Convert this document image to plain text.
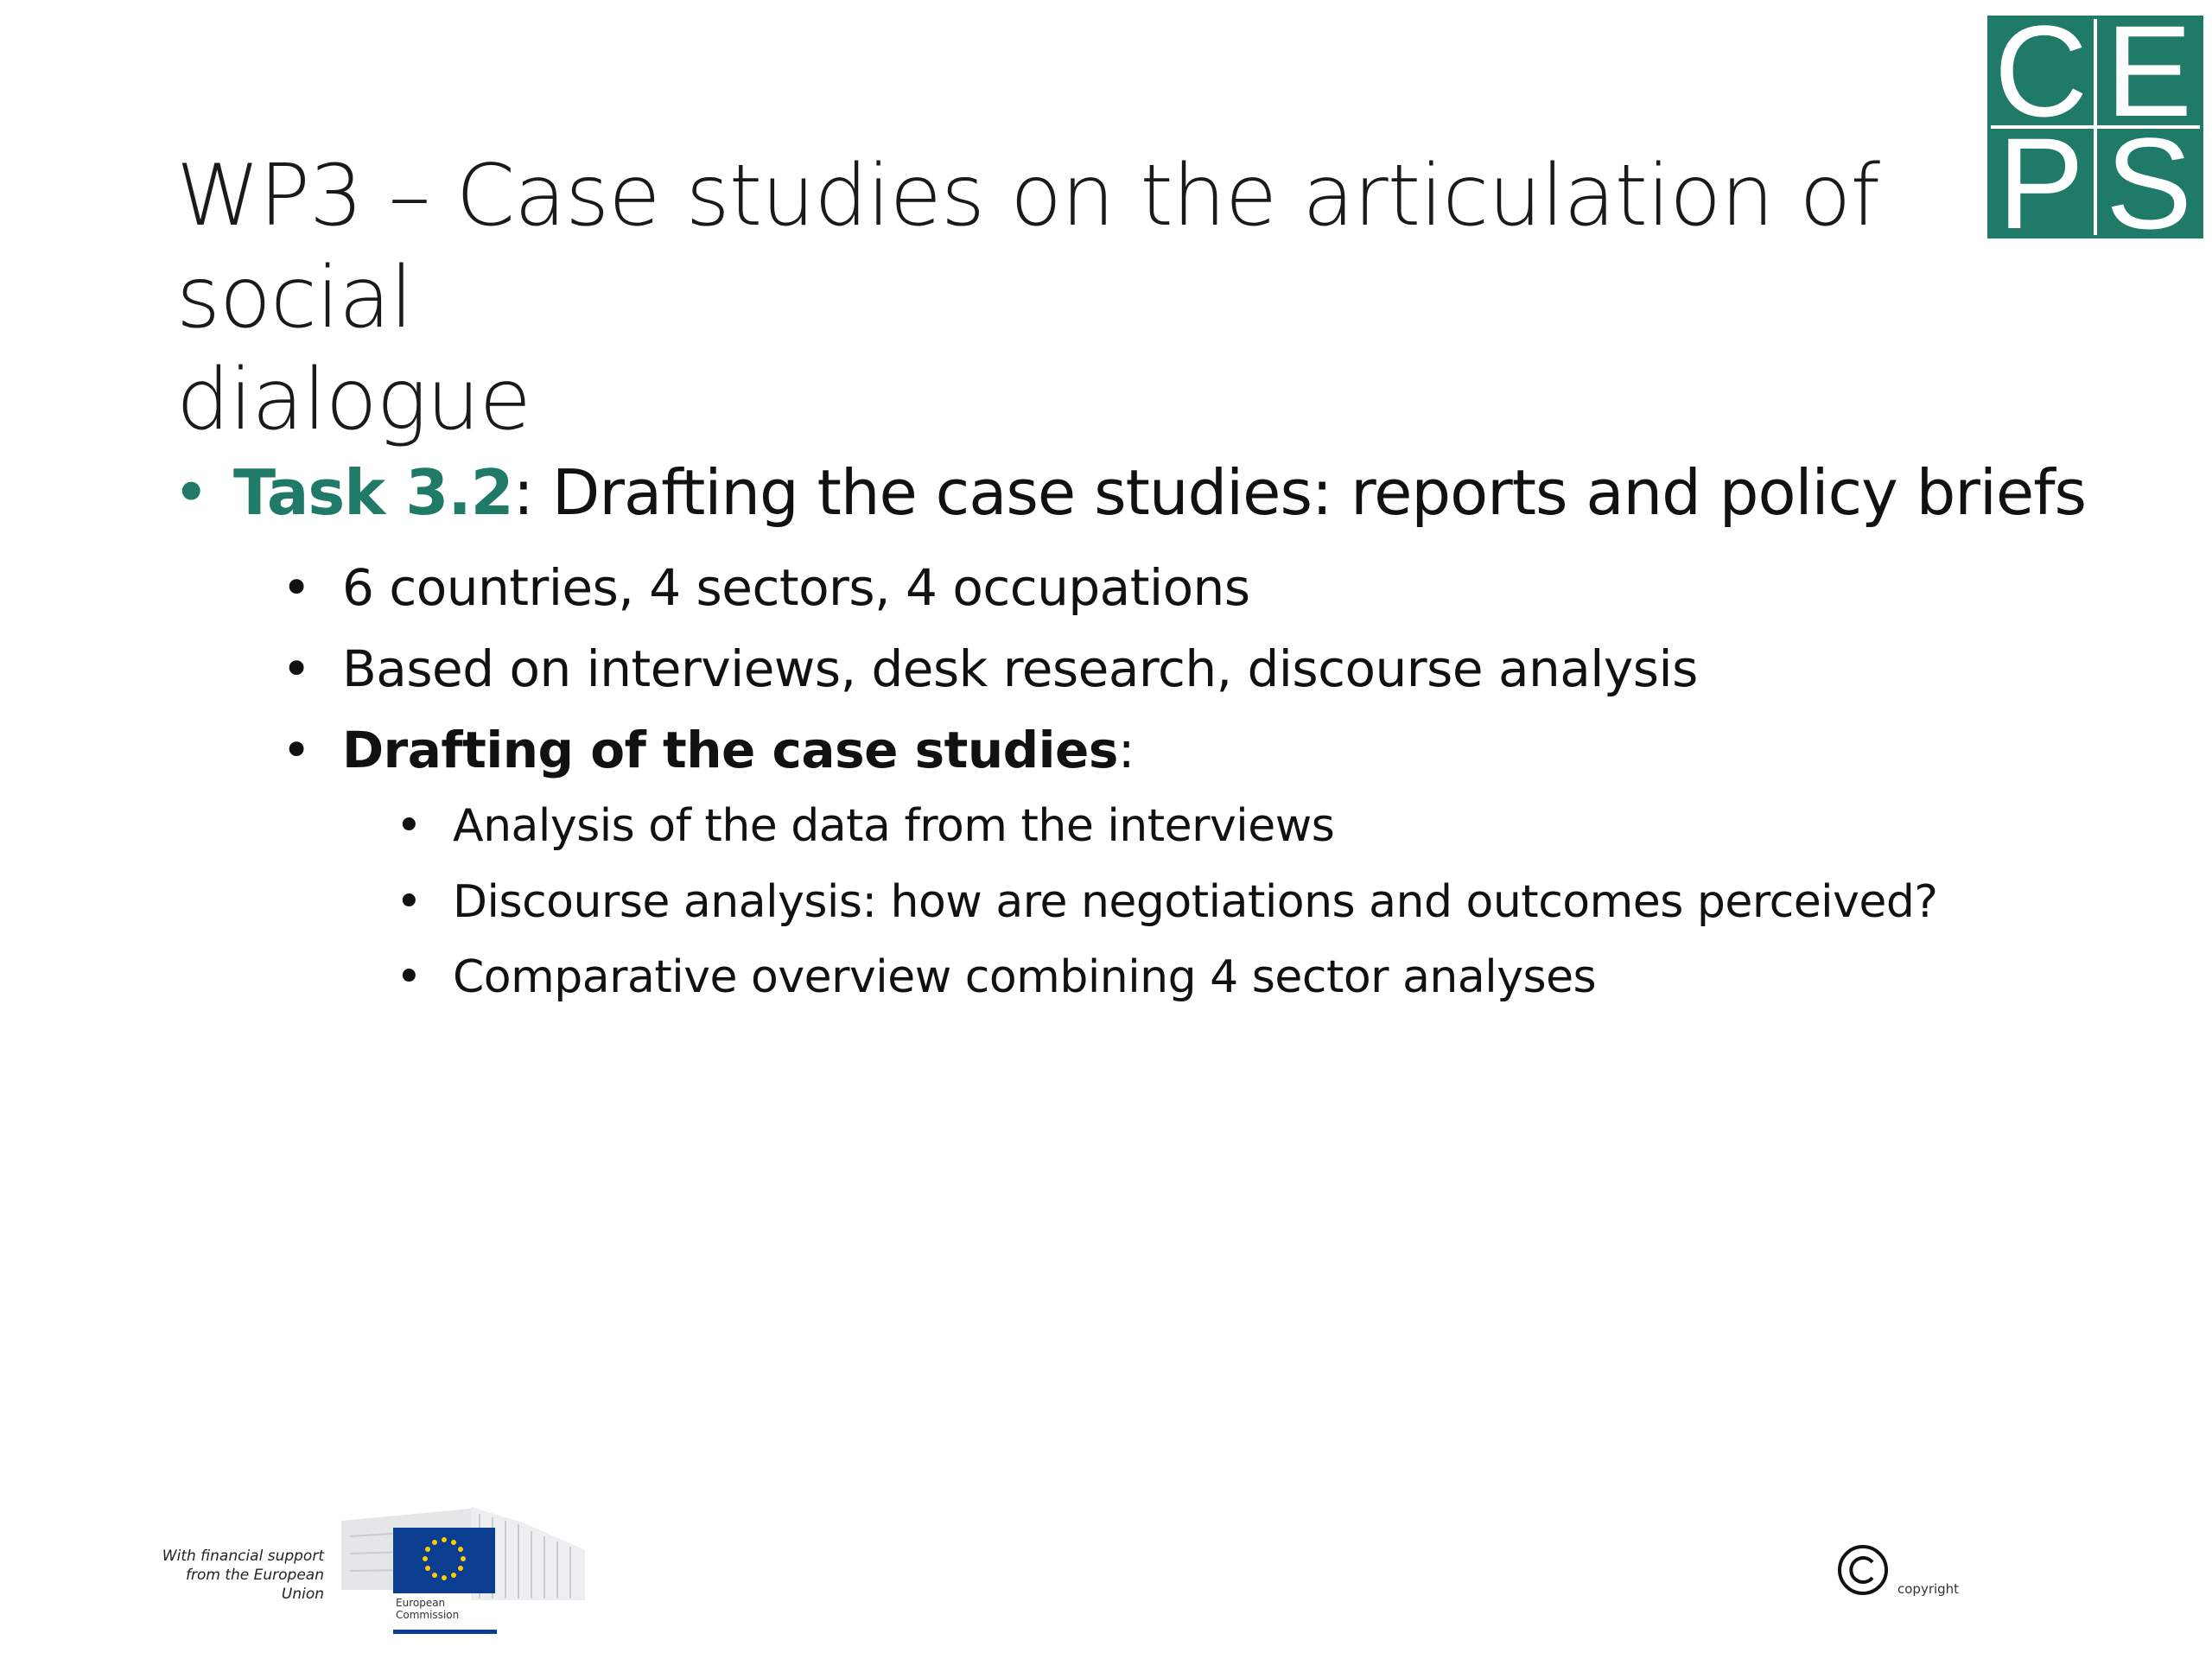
C E
P S
WP3 – Case studies on the articulation of social
dialogue
• Task 3.2: Drafting the case studies: reports and policy briefs
• 6 countries, 4 sectors, 4 occupations
• Based on interviews, desk research, discourse analysis
• Drafting of the case studies:
• Analysis of the data from the interviews
• Discourse analysis: how are negotiations and outcomes perceived?
• Comparative overview combining 4 sector analyses
With financial support
from the European Union	European
Commission
copyright
